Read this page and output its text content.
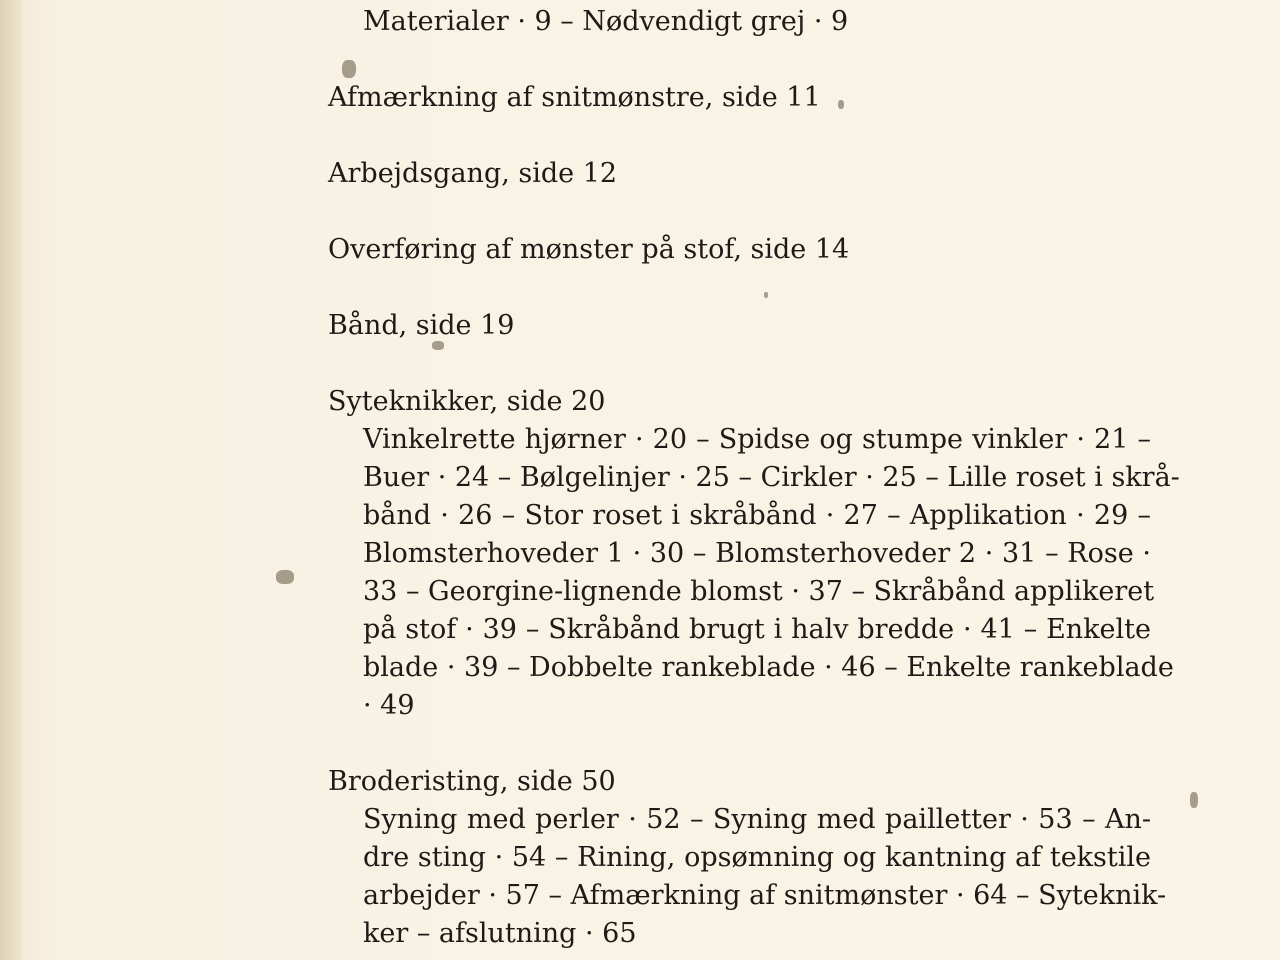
Materialer · 9 – Nødvendigt grej · 9
Afmærkning af snitmønstre, side 11
Arbejdsgang, side 12
Overføring af mønster på stof, side 14
Bånd, side 19
Syteknikker, side 20
Vinkelrette hjørner · 20 – Spidse og stumpe vinkler · 21 –
Buer · 24 – Bølgelinjer · 25 – Cirkler · 25 – Lille roset i skrå-
bånd · 26 – Stor roset i skråbånd · 27 – Applikation · 29 –
Blomsterhoveder 1 · 30 – Blomsterhoveder 2 · 31 – Rose ·
33 – Georgine-lignende blomst · 37 – Skråbånd applikeret
på stof · 39 – Skråbånd brugt i halv bredde · 41 – Enkelte
blade · 39 – Dobbelte rankeblade · 46 – Enkelte rankeblade
· 49
Broderisting, side 50
Syning med perler · 52 – Syning med pailletter · 53 – An-
dre sting · 54 – Rining, opsømning og kantning af tekstile
arbejder · 57 – Afmærkning af snitmønster · 64 – Syteknik-
ker – afslutning · 65
